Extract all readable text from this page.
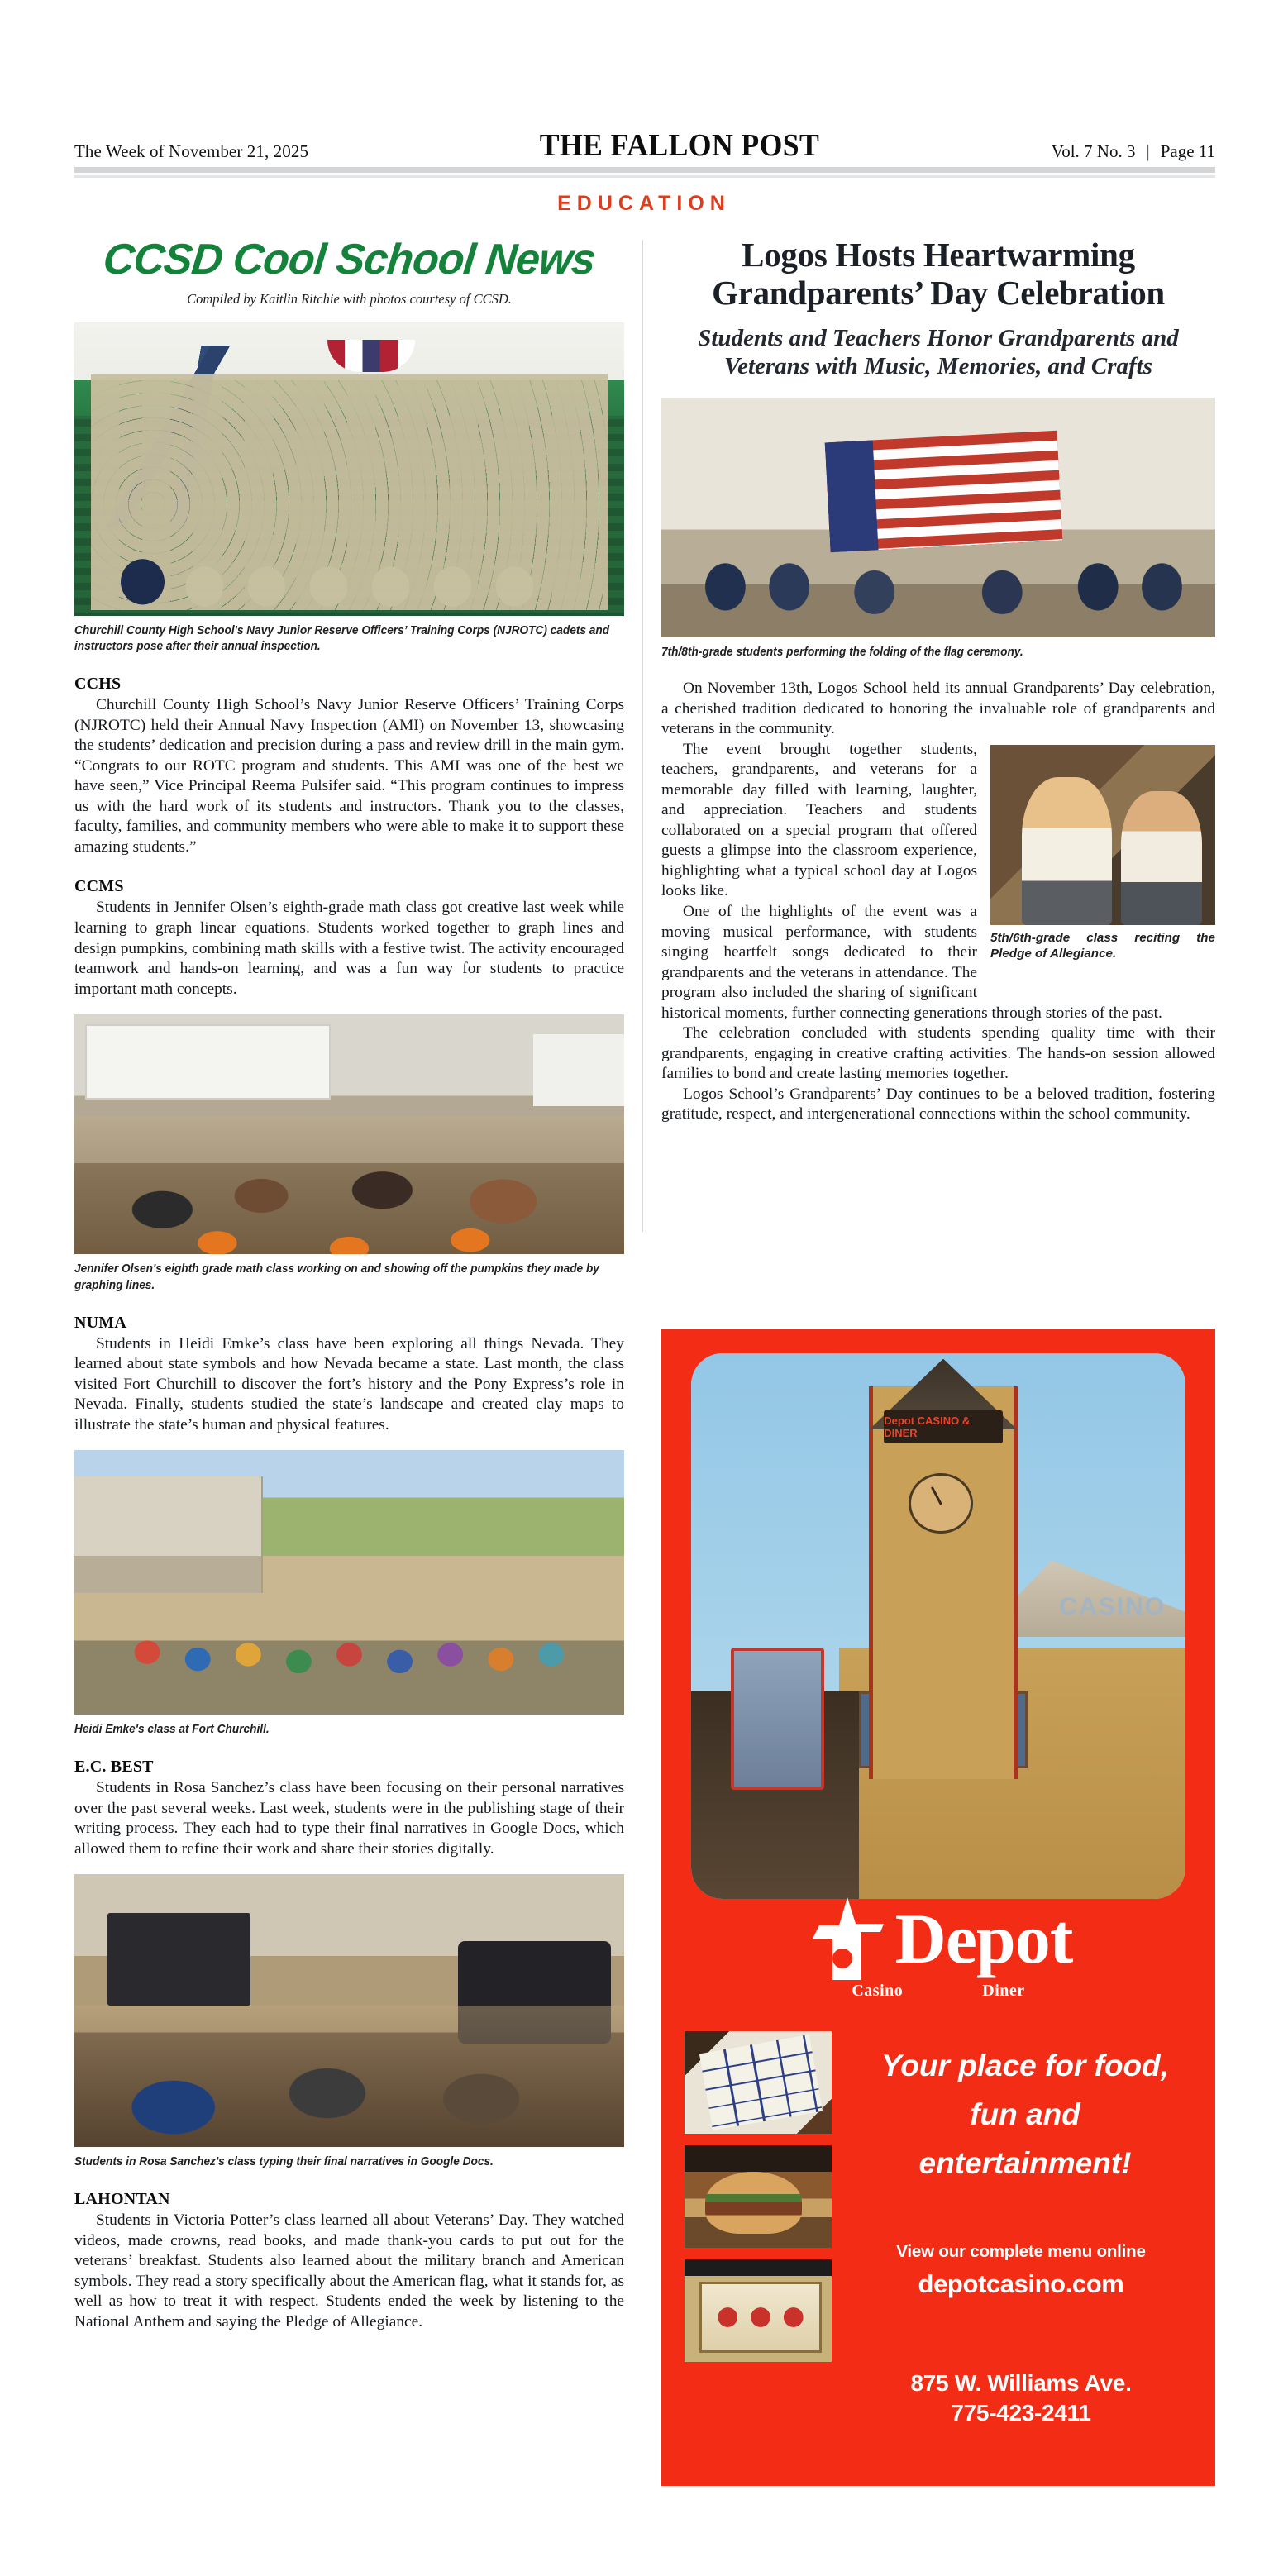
The Week of November 21, 2025	THE FALLON POST	Vol. 7 No. 3 | Page 11
EDUCATION
CCSD Cool School News
Compiled by Kaitlin Ritchie with photos courtesy of CCSD.
Churchill County High School's Navy Junior Reserve Officers’ Training Corps (NJROTC) cadets and instructors pose after their annual inspection.
CCHS

Churchill County High School’s Navy Junior Reserve Officers’ Training Corps (NJROTC) held their Annual Navy Inspection (AMI) on November 13, showcasing the students’ dedication and precision during a pass and review drill in the main gym. “Congrats to our ROTC program and students. This AMI was one of the best we have seen,” Vice Principal Reema Pulsifer said. “This program continues to impress us with the hard work of its students and instructors. Thank you to the classes, faculty, families, and community members who were able to make it to support these amazing students.”

CCMS

Students in Jennifer Olsen’s eighth-grade math class got creative last week while learning to graph linear equations. Students worked together to graph lines and design pumpkins, combining math skills with a festive twist. The activity encouraged teamwork and hands-on learning, and was a fun way for students to practice important math concepts.

Jennifer Olsen's eighth grade math class working on and showing off the pumpkins they made by graphing lines.
NUMA

Students in Heidi Emke’s class have been exploring all things Nevada. They learned about state symbols and how Nevada became a state. Last month, the class visited Fort Churchill to discover the fort’s history and the Pony Express’s role in Nevada. Finally, students studied the state’s landscape and created clay maps to illustrate the state’s human and physical features.

Heidi Emke's class at Fort Churchill.
E.C. BEST

Students in Rosa Sanchez’s class have been focusing on their personal narratives over the past several weeks. Last week, students were in the publishing stage of their writing process. They each had to type their final narratives in Google Docs, which allowed them to refine their work and share their stories digitally.

Students in Rosa Sanchez's class typing their final narratives in Google Docs.
LAHONTAN

Students in Victoria Potter’s class learned all about Veterans’ Day. They watched videos, made crowns, read books, and made thank-you cards to put out for the veterans’ breakfast. Students also learned about the military branch and American symbols. They read a story specifically about the American flag, what it stands for, as well as how to treat it with respect. Students ended the week by listening to the National Anthem and saying the Pledge of Allegiance.

Logos Hosts Heartwarming Grandparents’ Day Celebration
Students and Teachers Honor Grandparents and Veterans with Music, Memories, and Crafts
7th/8th-grade students performing the folding of the flag ceremony.

On November 13th, Logos School held its annual Grandparents’ Day celebration, a cherished tradition dedicated to honoring the invaluable role of grandparents and veterans in the community.

5th/6th-grade class reciting the Pledge of Allegiance.

The event brought together students, teachers, grandparents, and veterans for a memorable day filled with learning, laughter, and appreciation. Teachers and students collaborated on a special program that offered guests a glimpse into the classroom experience, highlighting what a typical school day at Logos looks like.

One of the highlights of the event was a moving musical performance, with students singing heartfelt songs dedicated to their grandparents and the veterans in attendance. The program also included the sharing of significant historical moments, further connecting generations through stories of the past.

The celebration concluded with students spending quality time with their grandparents, engaging in creative crafting activities. The hands-on session allowed families to bond and create lasting memories together.

Logos School’s Grandparents’ Day continues to be a beloved tradition, fostering gratitude, respect, and intergenerational connections within the school community.

Depot CASINO & DINER
CASINO
Depot
Casino	Diner
Your place for food, fun and entertainment!
View our complete menu online
depotcasino.com
875 W. Williams Ave.
775-423-2411
